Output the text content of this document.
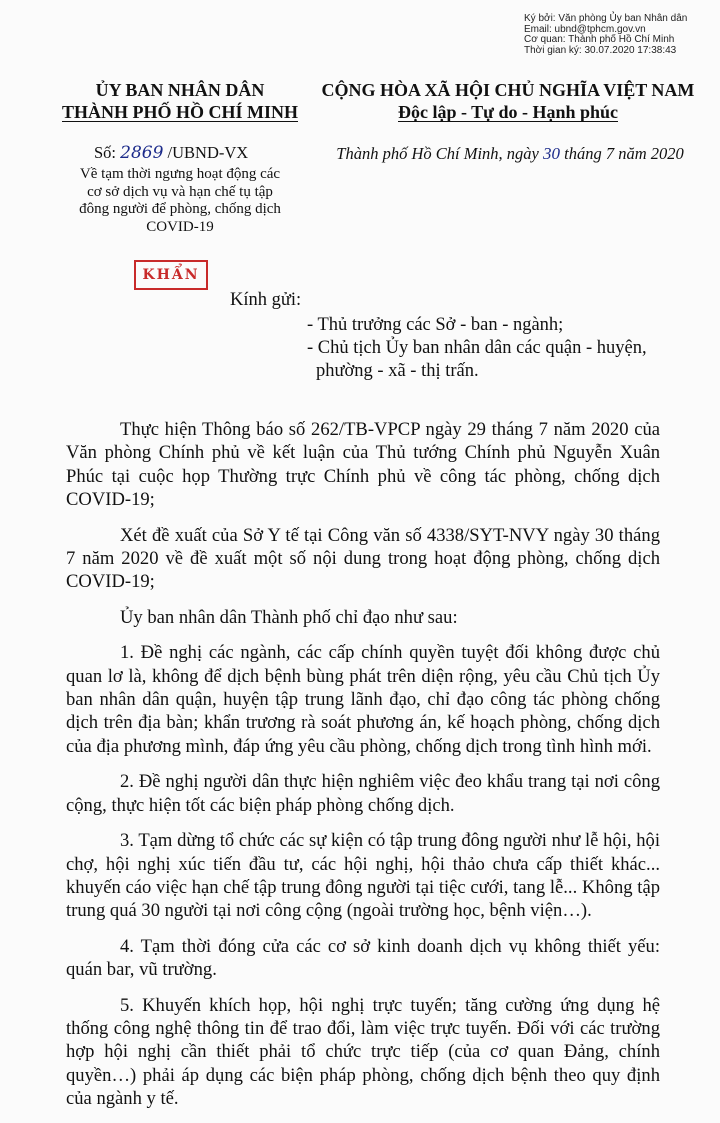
Ký bởi: Văn phòng Ủy ban Nhân dân
Email: ubnd@tphcm.gov.vn
Cơ quan: Thành phố Hồ Chí Minh
Thời gian ký: 30.07.2020 17:38:43
ỦY BAN NHÂN DÂN
THÀNH PHỐ HỒ CHÍ MINH
CỘNG HÒA XÃ HỘI CHỦ NGHĨA VIỆT NAM
Độc lập - Tự do - Hạnh phúc
Số: 2869 /UBND-VX
Về tạm thời ngưng hoạt động các
cơ sở dịch vụ và hạn chế tụ tập
đông người để phòng, chống dịch
COVID-19
Thành phố Hồ Chí Minh, ngày 30 tháng 7 năm 2020
KHẨN
Kính gửi:
- Thủ trưởng các Sở - ban - ngành;
- Chủ tịch Ủy ban nhân dân các quận - huyện,
phường - xã - thị trấn.

Thực hiện Thông báo số 262/TB-VPCP ngày 29 tháng 7 năm 2020 của Văn phòng Chính phủ về kết luận của Thủ tướng Chính phủ Nguyễn Xuân Phúc tại cuộc họp Thường trực Chính phủ về công tác phòng, chống dịch COVID-19;

Xét đề xuất của Sở Y tế tại Công văn số 4338/SYT-NVY ngày 30 tháng 7 năm 2020 về đề xuất một số nội dung trong hoạt động phòng, chống dịch COVID-19;

Ủy ban nhân dân Thành phố chỉ đạo như sau:

1. Đề nghị các ngành, các cấp chính quyền tuyệt đối không được chủ quan lơ là, không để dịch bệnh bùng phát trên diện rộng, yêu cầu Chủ tịch Ủy ban nhân dân quận, huyện tập trung lãnh đạo, chỉ đạo công tác phòng chống dịch trên địa bàn; khẩn trương rà soát phương án, kế hoạch phòng, chống dịch của địa phương mình, đáp ứng yêu cầu phòng, chống dịch trong tình hình mới.

2. Đề nghị người dân thực hiện nghiêm việc đeo khẩu trang tại nơi công cộng, thực hiện tốt các biện pháp phòng chống dịch.

3. Tạm dừng tổ chức các sự kiện có tập trung đông người như lễ hội, hội chợ, hội nghị xúc tiến đầu tư, các hội nghị, hội thảo chưa cấp thiết khác... khuyến cáo việc hạn chế tập trung đông người tại tiệc cưới, tang lễ... Không tập trung quá 30 người tại nơi công cộng (ngoài trường học, bệnh viện…).

4. Tạm thời đóng cửa các cơ sở kinh doanh dịch vụ không thiết yếu: quán bar, vũ trường.

5. Khuyến khích họp, hội nghị trực tuyến; tăng cường ứng dụng hệ thống công nghệ thông tin để trao đổi, làm việc trực tuyến. Đối với các trường hợp hội nghị cần thiết phải tổ chức trực tiếp (của cơ quan Đảng, chính quyền…) phải áp dụng các biện pháp phòng, chống dịch bệnh theo quy định của ngành y tế.
